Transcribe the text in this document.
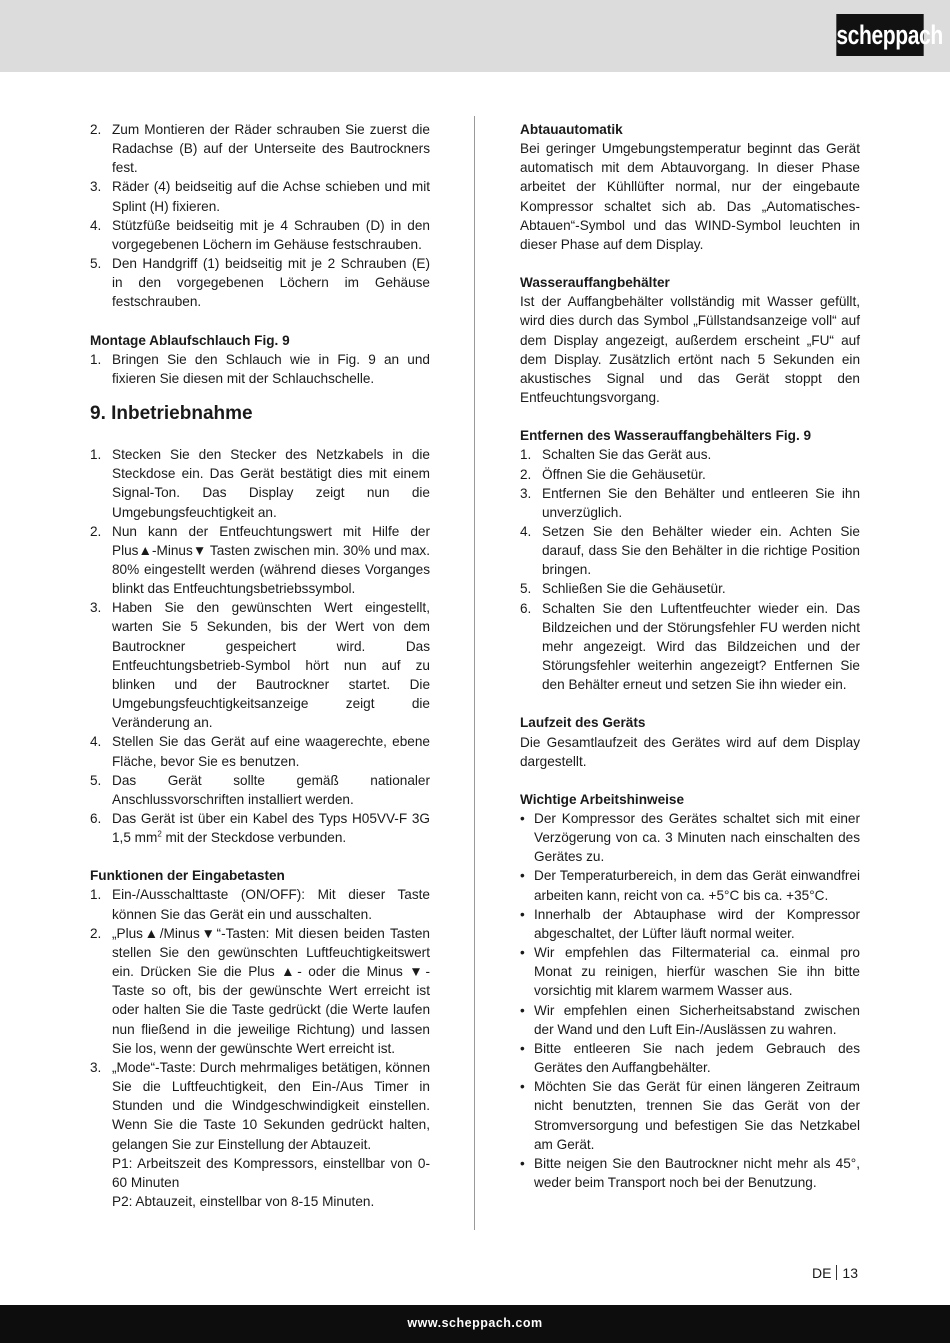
scheppach
2. Zum Montieren der Räder schrauben Sie zuerst die Radachse (B) auf der Unterseite des Bautrockners fest.
3. Räder (4) beidseitig auf die Achse schieben und mit Splint (H) fixieren.
4. Stützfüße beidseitig mit je 4 Schrauben (D) in den vorgegebenen Löchern im Gehäuse festschrauben.
5. Den Handgriff (1) beidseitig mit je 2 Schrauben (E) in den vorgegebenen Löchern im Gehäuse festschrauben.

Montage Ablaufschlauch Fig. 9

1. Bringen Sie den Schlauch wie in Fig. 9 an und fixieren Sie diesen mit der Schlauchschelle.

9. Inbetriebnahme

1. Stecken Sie den Stecker des Netzkabels in die Steckdose ein. Das Gerät bestätigt dies mit einem Signal-Ton. Das Display zeigt nun die Umgebungsfeuchtigkeit an.
2. Nun kann der Entfeuchtungswert mit Hilfe der Plus▲-Minus▼ Tasten zwischen min. 30% und max. 80% eingestellt werden (während dieses Vorganges blinkt das Entfeuchtungsbetriebssymbol.
3. Haben Sie den gewünschten Wert eingestellt, warten Sie 5 Sekunden, bis der Wert von dem Bautrockner gespeichert wird. Das Entfeuchtungsbetrieb-Symbol hört nun auf zu blinken und der Bautrockner startet. Die Umgebungsfeuchtigkeitsanzeige zeigt die Veränderung an.
4. Stellen Sie das Gerät auf eine waagerechte, ebene Fläche, bevor Sie es benutzen.
5. Das Gerät sollte gemäß nationaler Anschlussvorschriften installiert werden.
6. Das Gerät ist über ein Kabel des Typs H05VV-F 3G 1,5 $mm^2$ mit der Steckdose verbunden.

Funktionen der Eingabetasten

1. Ein-/Ausschalttaste (ON/OFF): Mit dieser Taste können Sie das Gerät ein und ausschalten.
2. „Plus▲/Minus▼“-Tasten: Mit diesen beiden Tasten stellen Sie den gewünschten Luftfeuchtigkeitswert ein. Drücken Sie die Plus ▲- oder die Minus ▼-Taste so oft, bis der gewünschte Wert erreicht ist oder halten Sie die Taste gedrückt (die Werte laufen nun fließend in die jeweilige Richtung) und lassen Sie los, wenn der gewünschte Wert erreicht ist.
3. „Mode“-Taste: Durch mehrmaliges betätigen, können Sie die Luftfeuchtigkeit, den Ein-/Aus Timer in Stunden und die Windgeschwindigkeit einstellen. Wenn Sie die Taste 10 Sekunden gedrückt halten, gelangen Sie zur Einstellung der Abtauzeit.
P1: Arbeitszeit des Kompressors, einstellbar von 0-60 Minuten
P2: Abtauzeit, einstellbar von 8-15 Minuten.

Abtauautomatik

Bei geringer Umgebungstemperatur beginnt das Gerät automatisch mit dem Abtauvorgang. In dieser Phase arbeitet der Kühllüfter normal, nur der eingebaute Kompressor schaltet sich ab. Das „Automatisches-Abtauen“-Symbol und das WIND-Symbol leuchten in dieser Phase auf dem Display.

Wasserauffangbehälter

Ist der Auffangbehälter vollständig mit Wasser gefüllt, wird dies durch das Symbol „Füllstandsanzeige voll“ auf dem Display angezeigt, außerdem erscheint „FU“ auf dem Display. Zusätzlich ertönt nach 5 Sekunden ein akustisches Signal und das Gerät stoppt den Entfeuchtungsvorgang.

Entfernen des Wasserauffangbehälters Fig. 9

1. Schalten Sie das Gerät aus.
2. Öffnen Sie die Gehäusetür.
3. Entfernen Sie den Behälter und entleeren Sie ihn unverzüglich.
4. Setzen Sie den Behälter wieder ein. Achten Sie darauf, dass Sie den Behälter in die richtige Position bringen.
5. Schließen Sie die Gehäusetür.
6. Schalten Sie den Luftentfeuchter wieder ein. Das Bildzeichen und der Störungsfehler FU werden nicht mehr angezeigt. Wird das Bildzeichen und der Störungsfehler weiterhin angezeigt? Entfernen Sie den Behälter erneut und setzen Sie ihn wieder ein.

Laufzeit des Geräts

Die Gesamtlaufzeit des Gerätes wird auf dem Display dargestellt.

Wichtige Arbeitshinweise

• Der Kompressor des Gerätes schaltet sich mit einer Verzögerung von ca. 3 Minuten nach einschalten des Gerätes zu.
• Der Temperaturbereich, in dem das Gerät einwandfrei arbeiten kann, reicht von ca. +5°C bis ca. +35°C.
• Innerhalb der Abtauphase wird der Kompressor abgeschaltet, der Lüfter läuft normal weiter.
• Wir empfehlen das Filtermaterial ca. einmal pro Monat zu reinigen, hierfür waschen Sie ihn bitte vorsichtig mit klarem warmem Wasser aus.
• Wir empfehlen einen Sicherheitsabstand zwischen der Wand und den Luft Ein-/Auslässen zu wahren.
• Bitte entleeren Sie nach jedem Gebrauch des Gerätes den Auffangbehälter.
• Möchten Sie das Gerät für einen längeren Zeitraum nicht benutzten, trennen Sie das Gerät von der Stromversorgung und befestigen Sie das Netzkabel am Gerät.
• Bitte neigen Sie den Bautrockner nicht mehr als 45°, weder beim Transport noch bei der Benutzung.
DE 13
www.scheppach.com
